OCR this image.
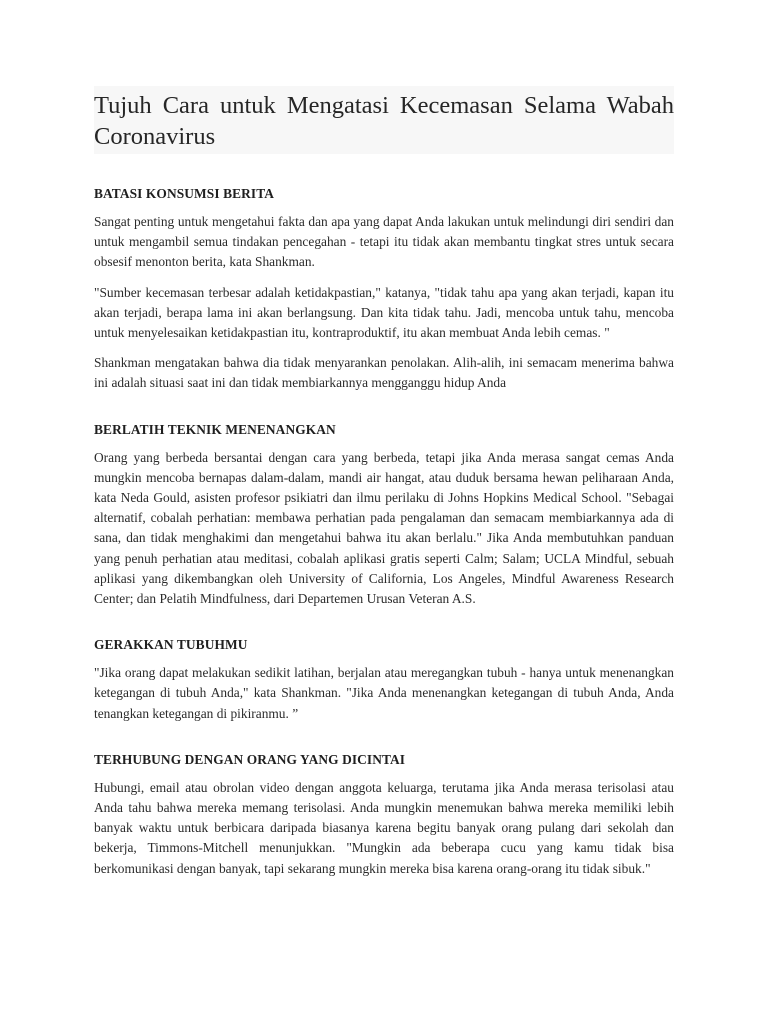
Tujuh Cara untuk Mengatasi Kecemasan Selama Wabah Coronavirus
BATASI KONSUMSI BERITA

Sangat penting untuk mengetahui fakta dan apa yang dapat Anda lakukan untuk melindungi diri sendiri dan untuk mengambil semua tindakan pencegahan - tetapi itu tidak akan membantu tingkat stres untuk secara obsesif menonton berita, kata Shankman.

"Sumber kecemasan terbesar adalah ketidakpastian," katanya, "tidak tahu apa yang akan terjadi, kapan itu akan terjadi, berapa lama ini akan berlangsung. Dan kita tidak tahu. Jadi, mencoba untuk tahu, mencoba untuk menyelesaikan ketidakpastian itu, kontraproduktif, itu akan membuat Anda lebih cemas. "

Shankman mengatakan bahwa dia tidak menyarankan penolakan. Alih-alih, ini semacam menerima bahwa ini adalah situasi saat ini dan tidak membiarkannya mengganggu hidup Anda

BERLATIH TEKNIK MENENANGKAN

Orang yang berbeda bersantai dengan cara yang berbeda, tetapi jika Anda merasa sangat cemas Anda mungkin mencoba bernapas dalam-dalam, mandi air hangat, atau duduk bersama hewan peliharaan Anda, kata Neda Gould, asisten profesor psikiatri dan ilmu perilaku di Johns Hopkins Medical School. "Sebagai alternatif, cobalah perhatian: membawa perhatian pada pengalaman dan semacam membiarkannya ada di sana, dan tidak menghakimi dan mengetahui bahwa itu akan berlalu." Jika Anda membutuhkan panduan yang penuh perhatian atau meditasi, cobalah aplikasi gratis seperti Calm; Salam; UCLA Mindful, sebuah aplikasi yang dikembangkan oleh University of California, Los Angeles, Mindful Awareness Research Center; dan Pelatih Mindfulness, dari Departemen Urusan Veteran A.S.

GERAKKAN TUBUHMU

"Jika orang dapat melakukan sedikit latihan, berjalan atau meregangkan tubuh - hanya untuk menenangkan ketegangan di tubuh Anda," kata Shankman. "Jika Anda menenangkan ketegangan di tubuh Anda, Anda tenangkan ketegangan di pikiranmu. ”

TERHUBUNG DENGAN ORANG YANG DICINTAI

Hubungi, email atau obrolan video dengan anggota keluarga, terutama jika Anda merasa terisolasi atau Anda tahu bahwa mereka memang terisolasi. Anda mungkin menemukan bahwa mereka memiliki lebih banyak waktu untuk berbicara daripada biasanya karena begitu banyak orang pulang dari sekolah dan bekerja, Timmons-Mitchell menunjukkan. "Mungkin ada beberapa cucu yang kamu tidak bisa berkomunikasi dengan banyak, tapi sekarang mungkin mereka bisa karena orang-orang itu tidak sibuk."
